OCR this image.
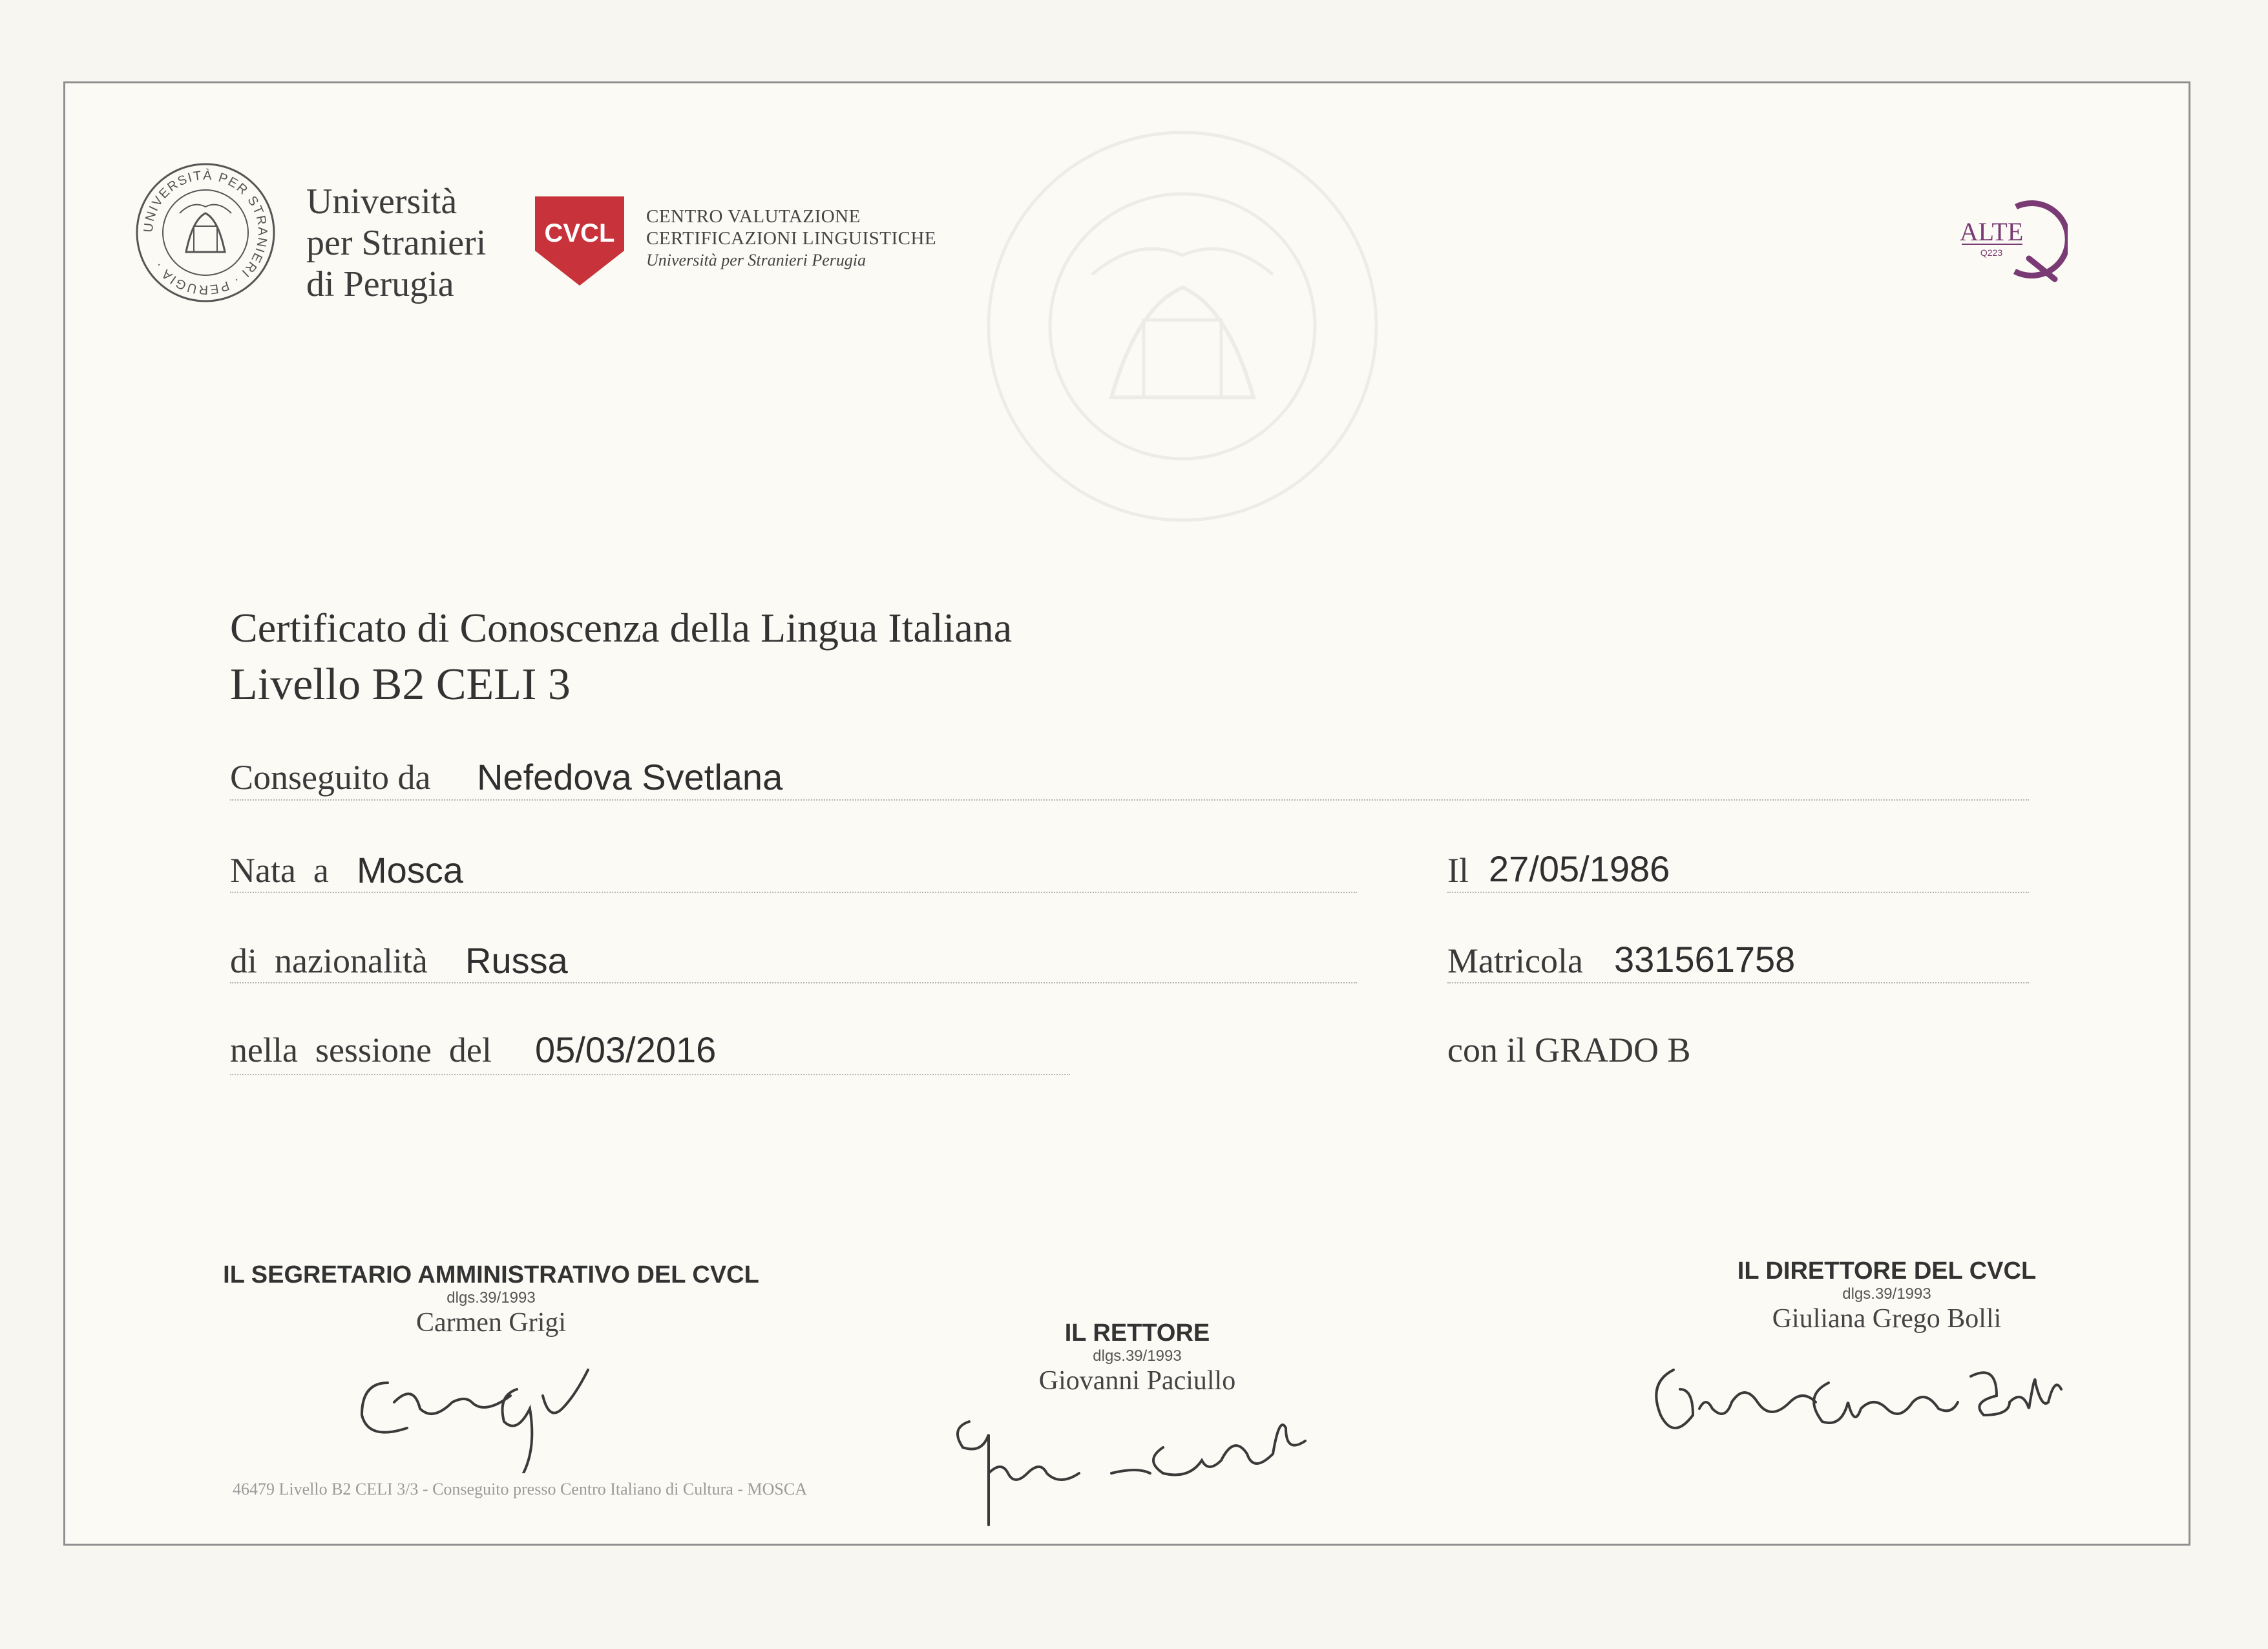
UNIVERSITÀ PER STRANIERI · PERUGIA ·
Università
per Stranieri
di Perugia
CVCL
CENTRO VALUTAZIONE
CERTIFICAZIONI LINGUISTICHE
Università per Stranieri Perugia
ALTE
Q223
Certificato di Conoscenza della Lingua Italiana
Livello B2 CELI 3
Conseguito da Nefedova Svetlana
Nata  a Mosca	Il 27/05/1986
di  nazionalità Russa	Matricola 331561758
nella  sessione  del 05/03/2016	con il GRADO B
IL SEGRETARIO AMMINISTRATIVO DEL CVCL
dlgs.39/1993
Carmen Grigi	IL RETTORE
dlgs.39/1993
Giovanni Paciullo
IL DIRETTORE DEL CVCL
dlgs.39/1993
Giuliana Grego Bolli
46479 Livello B2 CELI 3/3 - Conseguito presso Centro Italiano di Cultura - MOSCA
